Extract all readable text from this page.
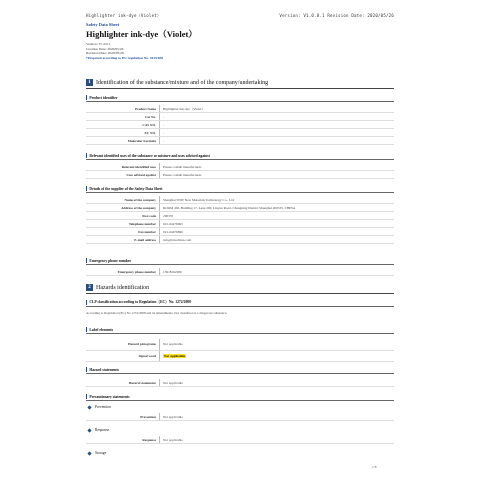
Highlighter ink-dye（Violet）	Version: V1.0.0.1 Revision Date: 2020/05/26
Safety Data Sheet
Highlighter ink-dye（Violet）
Version: V1.0.0.1
Creation Date: 2020/05/26
Revision Date: 2020/05/26
*Prepared according to EU regulation No. 2015/830
1 Identification of the substance/mixture and of the company/undertaking
Product identifier
Product Name	Highlighter ink-dye（Violet）
Cat No.	-
CAS NO.	-
EC NO.	-
Molecular Formula	-
Relevant identified uses of the substance or mixture and uses advised against
Relevant identified uses	Please consult manufacturer.
Uses advised against	Please consult manufacturer.
Details of the supplier of the Safety Data Sheet
Name of the company	Shanghai SNW New Materials Technology Co., Ltd.
Address of the company	ROOM 402, Building 17, Lane 200, Linyun Road, Changning District Shanghai 200335, CHINA
Post code	200335
Telephone number	021-64476695
Fax number	021-64476696
E-mail address	info@snwchina.com
Emergency phone number
Emergency phone number	13918162286
2 Hazards identification
CLP classification according to Regulation（EC）No. 1272/2008
According to Regulation (EC) No 1272/2008 and its amendments, Not classified as a dangerous substance.
Label elements
Hazard pictograms	Not applicable
Signal word	Not applicable
Hazard statements
Hazard statements	Not applicable
Precautionary statements
Prevention
Prevention	Not applicable
Response
Response	Not applicable
Storage
1/8
